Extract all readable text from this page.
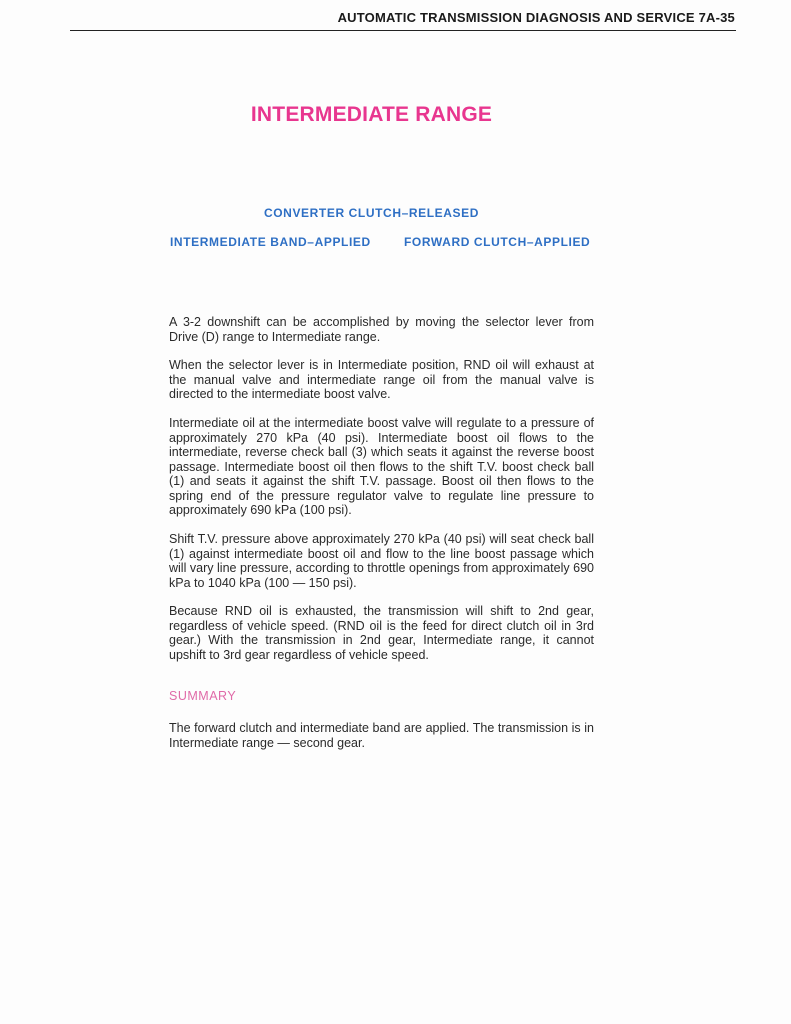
AUTOMATIC TRANSMISSION DIAGNOSIS AND SERVICE 7A-35
INTERMEDIATE RANGE
CONVERTER CLUTCH–RELEASED
INTERMEDIATE BAND–APPLIED	FORWARD CLUTCH–APPLIED

A 3-2 downshift can be accomplished by moving the selector lever from Drive (D) range to Intermediate range.

When the selector lever is in Intermediate position, RND oil will exhaust at the manual valve and intermediate range oil from the manual valve is directed to the intermediate boost valve.

Intermediate oil at the intermediate boost valve will regulate to a pressure of approximately 270 kPa (40 psi). Intermediate boost oil flows to the intermediate, reverse check ball (3) which seats it against the reverse boost passage. Intermediate boost oil then flows to the shift T.V. boost check ball (1) and seats it against the shift T.V. passage. Boost oil then flows to the spring end of the pressure regulator valve to regulate line pressure to approximately 690 kPa (100 psi).

Shift T.V. pressure above approximately 270 kPa (40 psi) will seat check ball (1) against intermediate boost oil and flow to the line boost passage which will vary line pressure, according to throttle openings from approximately 690 kPa to 1040 kPa (100 — 150 psi).

Because RND oil is exhausted, the transmission will shift to 2nd gear, regardless of vehicle speed. (RND oil is the feed for direct clutch oil in 3rd gear.) With the transmission in 2nd gear, Intermediate range, it cannot upshift to 3rd gear regardless of vehicle speed.

SUMMARY

The forward clutch and intermediate band are applied. The transmission is in Intermediate range — second gear.
